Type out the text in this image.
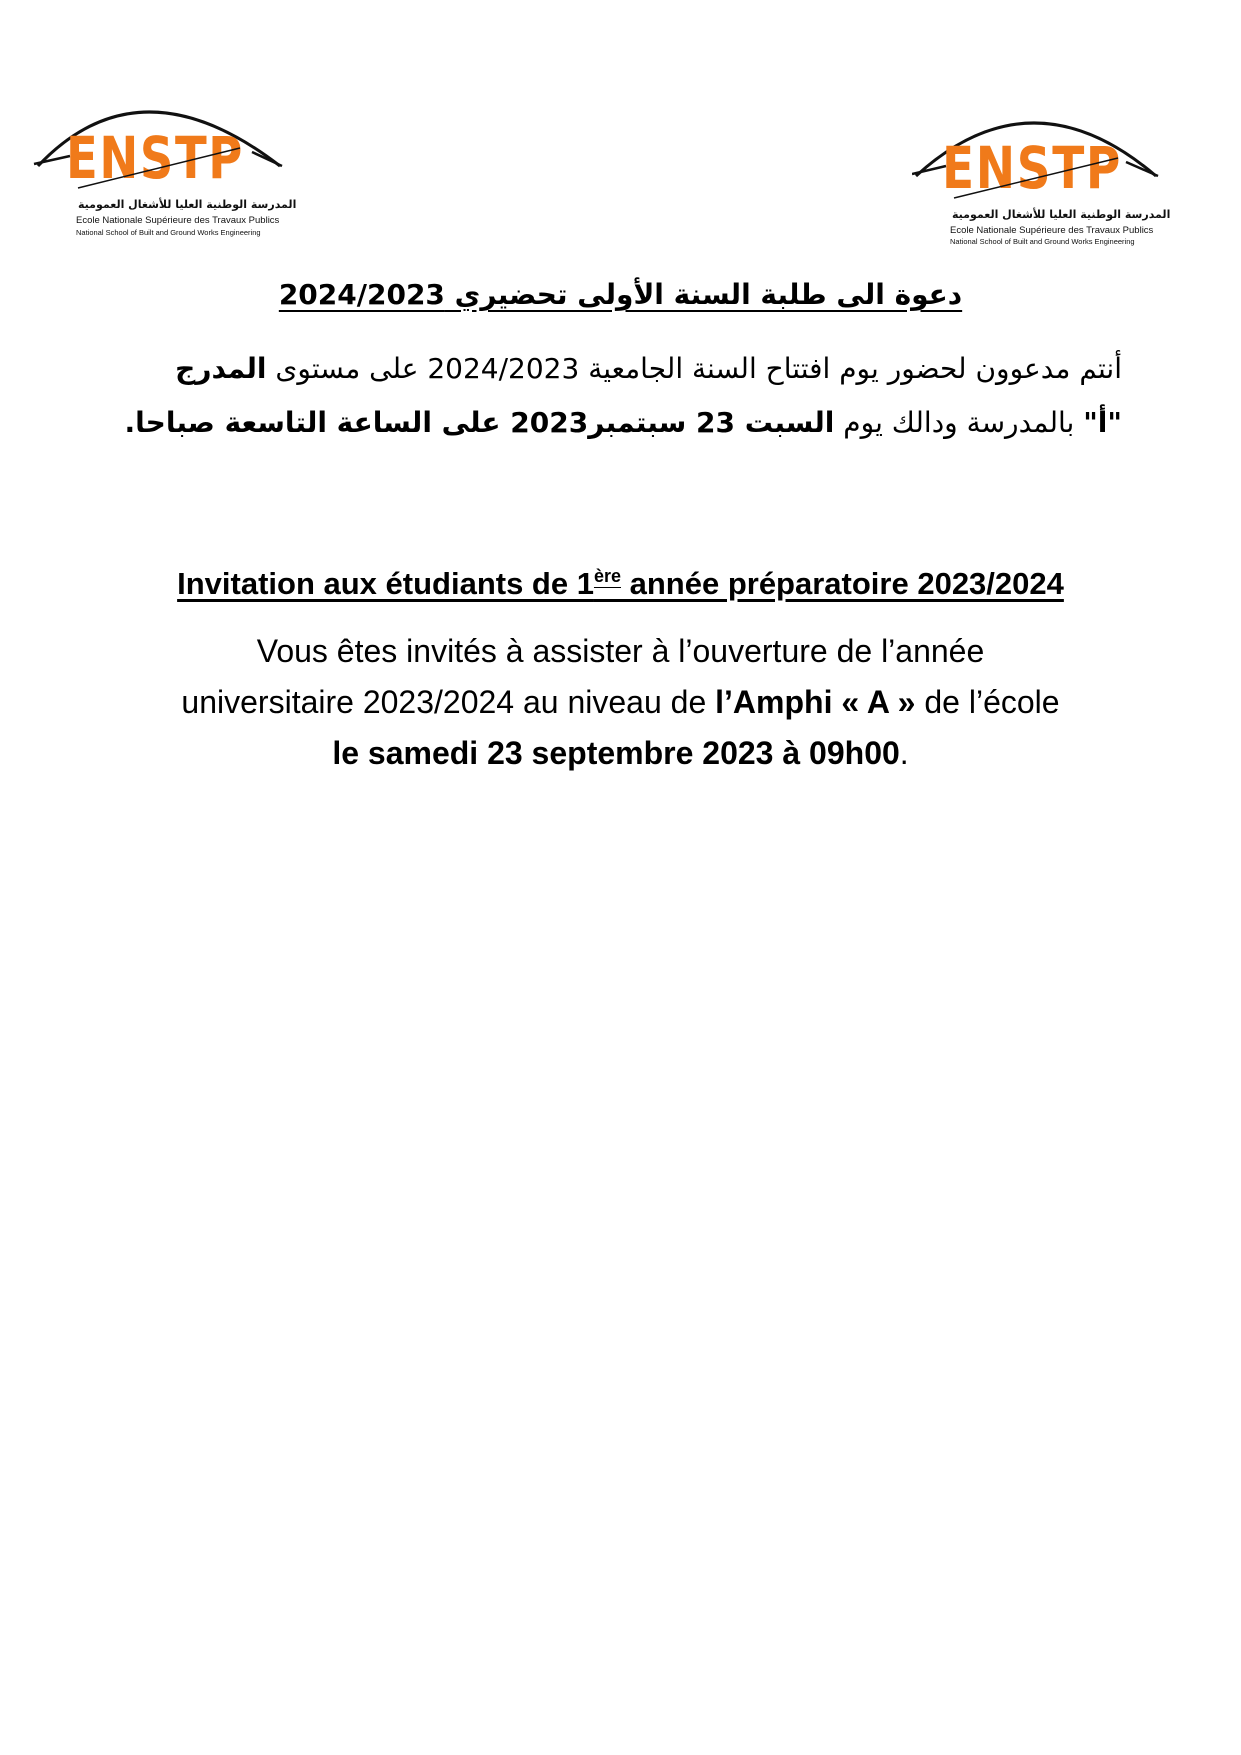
ENSTP
المدرسة الوطنية العليا للأشغال العمومية
Ecole Nationale Supérieure des Travaux Publics
National School of Built and Ground Works Engineering
ENSTP
المدرسة الوطنية العليا للأشغال العمومية
Ecole Nationale Supérieure des Travaux Publics
National School of Built and Ground Works Engineering
دعوة الى طلبة السنة الأولى تحضيري 2024/2023
أنتم مدعوون لحضور يوم افتتاح السنة الجامعية 2024/2023 على مستوى المدرج
"أ" بالمدرسة ودالك يوم السبت 23 سبتمبر2023 على الساعة التاسعة صباحا.
Invitation aux étudiants de 1ère année préparatoire 2023/2024
Vous êtes invités à assister à l’ouverture de l’année
universitaire 2023/2024 au niveau de l’Amphi « A » de l’école
le samedi 23 septembre 2023 à 09h00.
